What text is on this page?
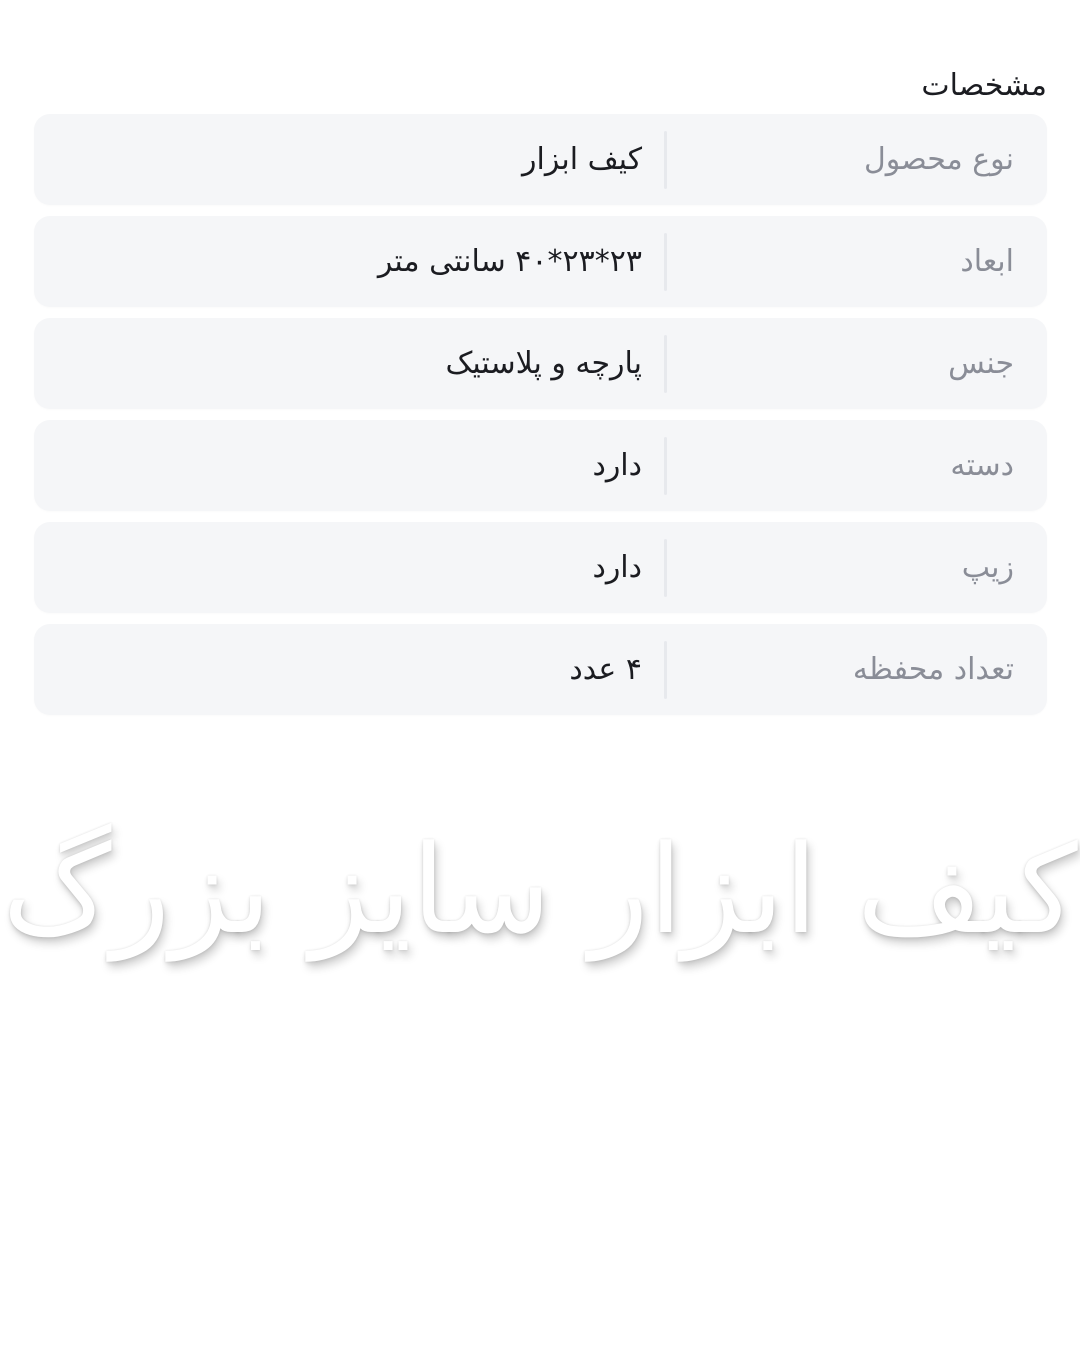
مشخصات
نوع محصول
کیف ابزار
ابعاد
۲۳*۲۳*۴۰ سانتی متر
جنس
پارچه و پلاستیک
دسته
دارد
زیپ
دارد
تعداد محفظه
۴ عدد
کیف ابزار سایز بزرگ
